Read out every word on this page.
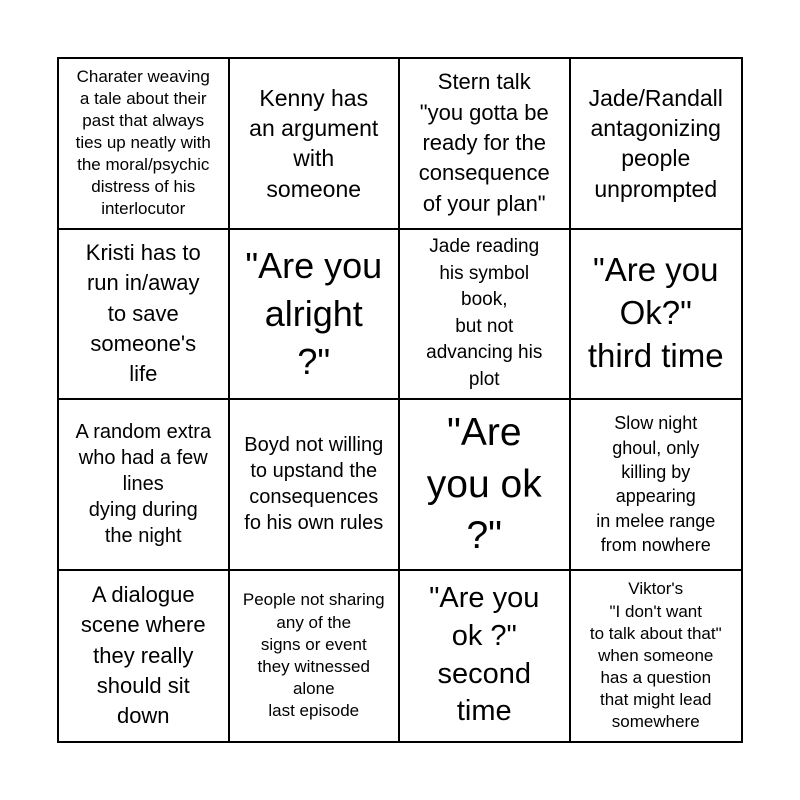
Charater weaving
a tale about their
past that always
ties up neatly with
the moral/psychic
distress of his
interlocutor
Kenny has
an argument
with
someone
Stern talk
"you gotta be
ready for the
consequence
of your plan"
Jade/Randall
antagonizing
people
unprompted
Kristi has to
run in/away
to save
someone's
life
"Are you
alright
?"
Jade reading
his symbol
book,
but not
advancing his
plot
"Are you
Ok?"
third time
A random extra
who had a few
lines
dying during
the night
Boyd not willing
to upstand the
consequences
fo his own rules
"Are
you ok
?"
Slow night
ghoul, only
killing by
appearing
in melee range
from nowhere
A dialogue
scene where
they really
should sit
down
People not sharing
any of the
signs or event
they witnessed
alone
last episode
"Are you
ok ?"
second
time
Viktor's
"I don't want
to talk about that"
when someone
has a question
that might lead
somewhere
